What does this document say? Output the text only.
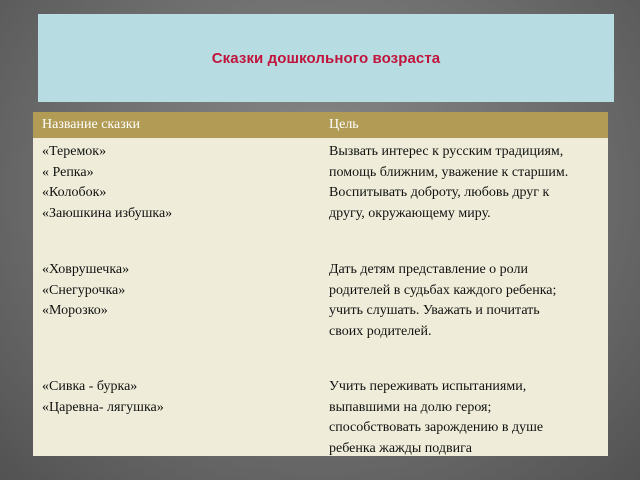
Сказки дошкольного возраста
Название сказки	Цель
«Теремок»
« Репка»
«Колобок»
«Заюшкина избушка»
Вызвать интерес к русским традициям,
помощь ближним, уважение к старшим.
Воспитывать доброту, любовь друг к
другу, окружающему миру.
«Ховрушечка»
«Снегурочка»
«Морозко»
Дать детям представление о роли
родителей в судьбах каждого ребенка;
учить слушать. Уважать и почитать
своих родителей.
«Сивка - бурка»
«Царевна- лягушка»
Учить переживать испытаниями,
выпавшими на долю героя;
способствовать зарождению в душе
ребенка жажды подвига
